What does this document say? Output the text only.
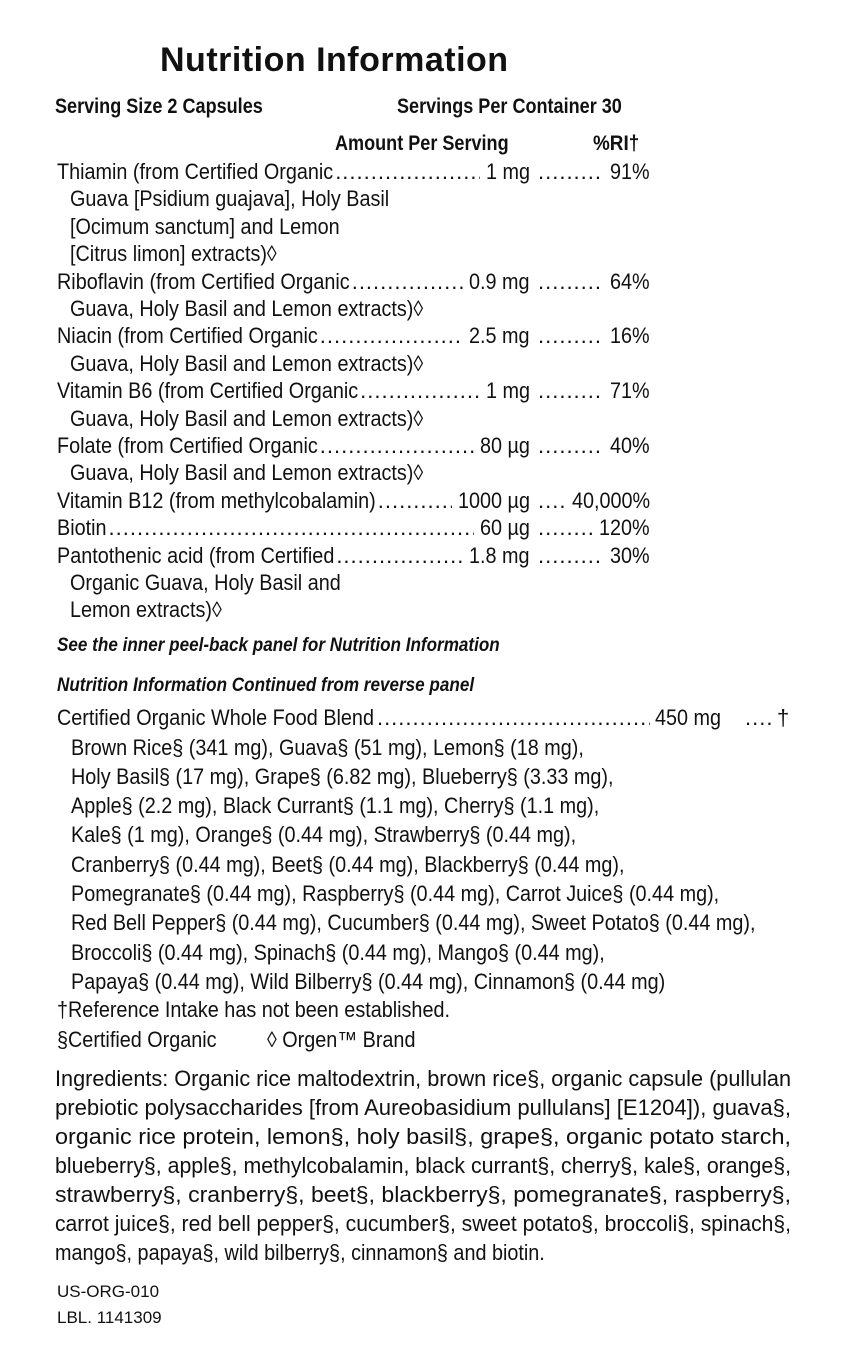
Nutrition Information
Serving Size 2 Capsules	Servings Per Container 30
Amount Per Serving	%RI†
See the inner peel-back panel for Nutrition Information
Nutrition Information Continued from reverse panel
†Reference Intake has not been established.
§Certified Organic ◊ Orgen™ Brand
US-ORG-010
LBL. 1141309
Thiamin (from Certified Organic	1 mg	91%
.....
.....
Guava [Psidium guajava], Holy Basil
[Ocimum sanctum] and Lemon
[Citrus limon] extracts)◊
Riboflavin (from Certified Organic	0.9 mg	64%
.....
.....
Guava, Holy Basil and Lemon extracts)◊
Niacin (from Certified Organic	2.5 mg	16%
.....
.....
Guava, Holy Basil and Lemon extracts)◊
Vitamin B6 (from Certified Organic	1 mg	71%
.....
.....
Guava, Holy Basil and Lemon extracts)◊
Folate (from Certified Organic	80 µg	40%
.....
.....
Guava, Holy Basil and Lemon extracts)◊
Vitamin B12 (from methylcobalamin)	1000 µg 40,000%
.....
.....
Biotin	60 µg	120%
.....
.....
Pantothenic acid (from Certified	1.8 mg	30%
.....
.....
Organic Guava, Holy Basil and
Lemon extracts)◊
Certified Organic Whole Food Blend	450 mg	†
.....
.....
Brown Rice§ (341 mg), Guava§ (51 mg), Lemon§ (18 mg),
Holy Basil§ (17 mg), Grape§ (6.82 mg), Blueberry§ (3.33 mg),
Apple§ (2.2 mg), Black Currant§ (1.1 mg), Cherry§ (1.1 mg),
Kale§ (1 mg), Orange§ (0.44 mg), Strawberry§ (0.44 mg),
Cranberry§ (0.44 mg), Beet§ (0.44 mg), Blackberry§ (0.44 mg),
Pomegranate§ (0.44 mg), Raspberry§ (0.44 mg), Carrot Juice§ (0.44 mg),
Red Bell Pepper§ (0.44 mg), Cucumber§ (0.44 mg), Sweet Potato§ (0.44 mg),
Broccoli§ (0.44 mg), Spinach§ (0.44 mg), Mango§ (0.44 mg),
Papaya§ (0.44 mg), Wild Bilberry§ (0.44 mg), Cinnamon§ (0.44 mg)
Ingredients: Organic rice maltodextrin, brown rice§, organic capsule (pullulan
prebiotic polysaccharides [from Aureobasidium pullulans] [E1204]), guava§,
organic rice protein, lemon§, holy basil§, grape§, organic potato starch,
blueberry§, apple§, methylcobalamin, black currant§, cherry§, kale§, orange§,
strawberry§, cranberry§, beet§, blackberry§, pomegranate§, raspberry§,
carrot juice§, red bell pepper§, cucumber§, sweet potato§, broccoli§, spinach§,
mango§, papaya§, wild bilberry§, cinnamon§ and biotin.
